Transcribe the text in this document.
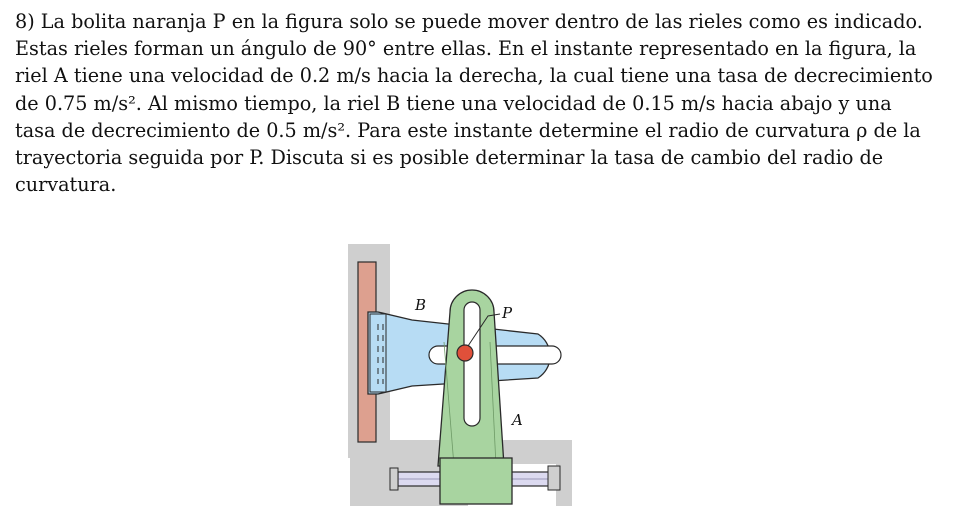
8) La bolita naranja P en la figura solo se puede mover dentro de las rieles como es indicado.
Estas rieles forman un ángulo de 90° entre ellas. En el instante representado en la figura, la
riel A tiene una velocidad de 0.2 m/s hacia la derecha, la cual tiene una tasa de decrecimiento
de 0.75 m/s². Al mismo tiempo, la riel B tiene una velocidad de 0.15 m/s hacia abajo y una
tasa de decrecimiento de 0.5 m/s². Para este instante determine el radio de curvatura ρ de la
trayectoria seguida por P. Discuta si es posible determinar la tasa de cambio del radio de
curvatura.
B	P
A
